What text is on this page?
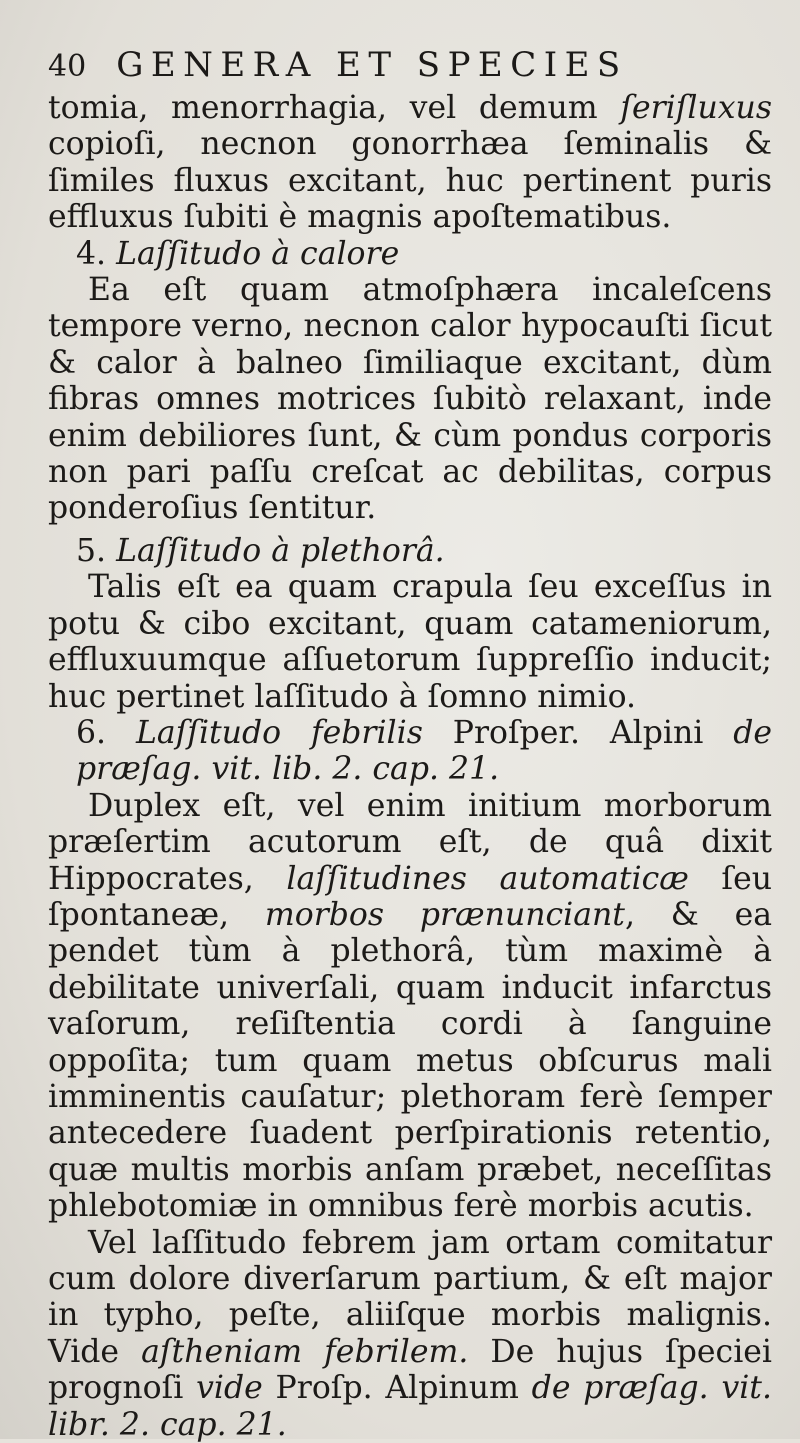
40 GENERA ET SPECIES

tomia, menorrhagia, vel demum ſeriſluxus copioſi, necnon gonorrhæa ſeminalis & ſimiles fluxus excitant, huc pertinent puris effluxus ſubiti è magnis apoſtematibus.

4. Laſſitudo à calore

Ea eſt quam atmoſphæra incaleſcens tempore verno, necnon calor hypocauſti ſicut & calor à balneo ſimiliaque excitant, dùm fibras omnes motrices ſubitò relaxant, inde enim debiliores ſunt, & cùm pondus corporis non pari paſſu creſcat ac debilitas, corpus ponderoſius ſentitur.

5. Laſſitudo à plethorâ.

Talis eſt ea quam crapula ſeu exceſſus in potu & cibo excitant, quam catameniorum, effluxuumque aſſuetorum ſuppreſſio inducit; huc pertinet laſſitudo à ſomno nimio.

6. Laſſitudo febrilis Proſper. Alpini de præſag. vit. lib. 2. cap. 21.

Duplex eſt, vel enim initium morborum præſertim acutorum eſt, de quâ dixit Hippocrates, laſſitudines automaticæ ſeu ſpontaneæ, morbos prænunciant, & ea pendet tùm à plethorâ, tùm maximè à debilitate univerſali, quam inducit infarctus vaſorum, reſiſtentia cordi à ſanguine oppoſita; tum quam metus obſcurus mali imminentis cauſatur; plethoram ferè ſemper antecedere ſuadent perſpirationis retentio, quæ multis morbis anſam præbet, neceſſitas phlebotomiæ in omnibus ferè morbis acutis.

Vel laſſitudo febrem jam ortam comitatur cum dolore diverſarum partium, & eſt major in typho, peſte, aliiſque morbis malignis. Vide aſtheniam febrilem. De hujus ſpeciei prognoſi vide Proſp. Alpinum de præſag. vit. libr. 2. cap. 21.
